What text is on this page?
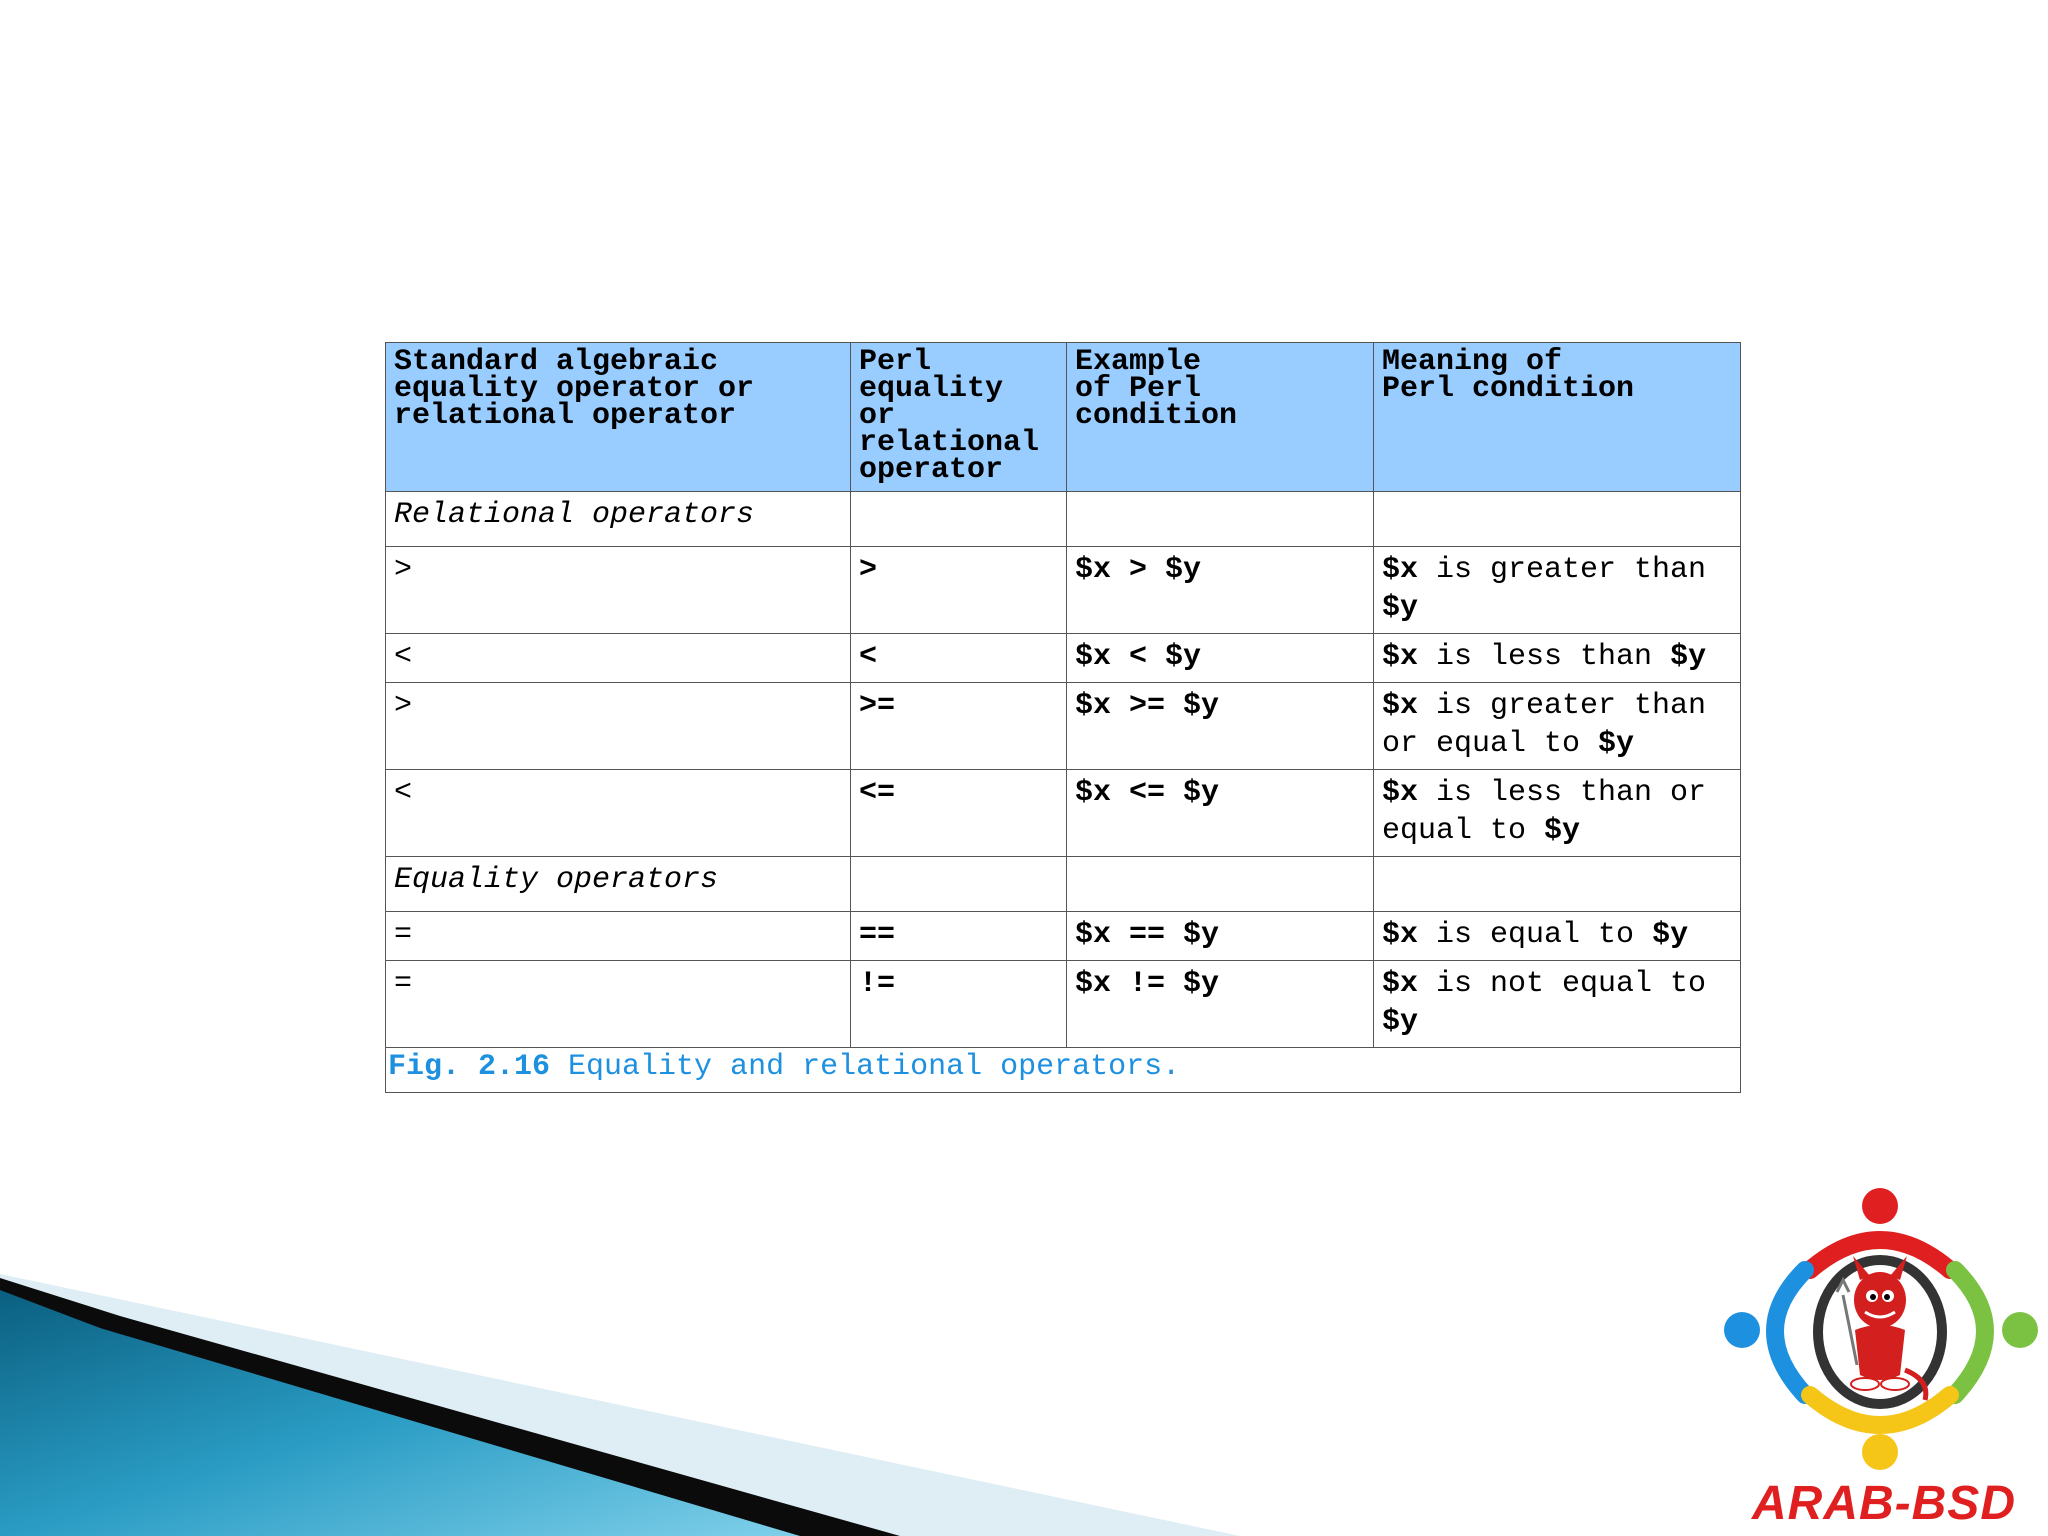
Standard algebraic
equality operator or
relational operator	Perl
equality
or
relational
operator	Example
of Perl
condition	Meaning of
Perl condition
Relational operators			
>	>	$x > $y	$x is greater than $y
<	<	$x < $y	$x is less than $y
>	>=	$x >= $y	$x is greater than or equal to $y
<	<=	$x <= $y	$x is less than or equal to $y
Equality operators			
=	==	$x == $y	$x is equal to $y
=	!=	$x != $y	$x is not equal to $y
Fig. 2.16 Equality and relational operators.			
ARAB-BSD
